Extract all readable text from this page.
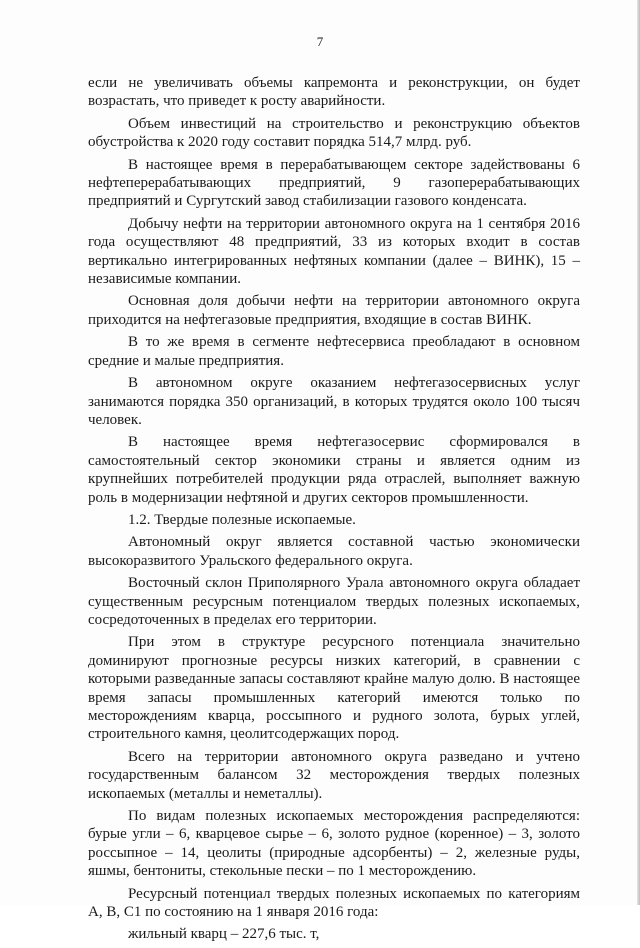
7

если не увеличивать объемы капремонта и реконструкции, он будет возрастать, что приведет к росту аварийности.

Объем инвестиций на строительство и реконструкцию объектов обустройства к 2020 году составит порядка 514,7 млрд. руб.

В настоящее время в перерабатывающем секторе задействованы 6 нефтеперерабатывающих предприятий, 9 газоперерабатывающих предприятий и Сургутский завод стабилизации газового конденсата.

Добычу нефти на территории автономного округа на 1 сентября 2016 года осуществляют 48 предприятий, 33 из которых входит в состав вертикально интегрированных нефтяных компании (далее – ВИНК), 15 – независимые компании.

Основная доля добычи нефти на территории автономного округа приходится на нефтегазовые предприятия, входящие в состав ВИНК.

В то же время в сегменте нефтесервиса преобладают в основном средние и малые предприятия.

В автономном округе оказанием нефтегазосервисных услуг занимаются порядка 350 организаций, в которых трудятся около 100 тысяч человек.

В настоящее время нефтегазосервис сформировался в самостоятельный сектор экономики страны и является одним из крупнейших потребителей продукции ряда отраслей, выполняет важную роль в модернизации нефтяной и других секторов промышленности.

1.2. Твердые полезные ископаемые.

Автономный округ является составной частью экономически высокоразвитого Уральского федерального округа.

Восточный склон Приполярного Урала автономного округа обладает существенным ресурсным потенциалом твердых полезных ископаемых, сосредоточенных в пределах его территории.

При этом в структуре ресурсного потенциала значительно доминируют прогнозные ресурсы низких категорий, в сравнении с которыми разведанные запасы составляют крайне малую долю. В настоящее время запасы промышленных категорий имеются только по месторождениям кварца, россыпного и рудного золота, бурых углей, строительного камня, цеолитсодержащих пород.

Всего на территории автономного округа разведано и учтено государственным балансом 32 месторождения твердых полезных ископаемых (металлы и неметаллы).

По видам полезных ископаемых месторождения распределяются: бурые угли – 6, кварцевое сырье – 6, золото рудное (коренное) – 3, золото россыпное – 14, цеолиты (природные адсорбенты) – 2, железные руды, яшмы, бентониты, стекольные пески – по 1 месторождению.

Ресурсный потенциал твердых полезных ископаемых по категориям А, В, С1 по состоянию на 1 января 2016 года:

жильный кварц – 227,6 тыс. т,
